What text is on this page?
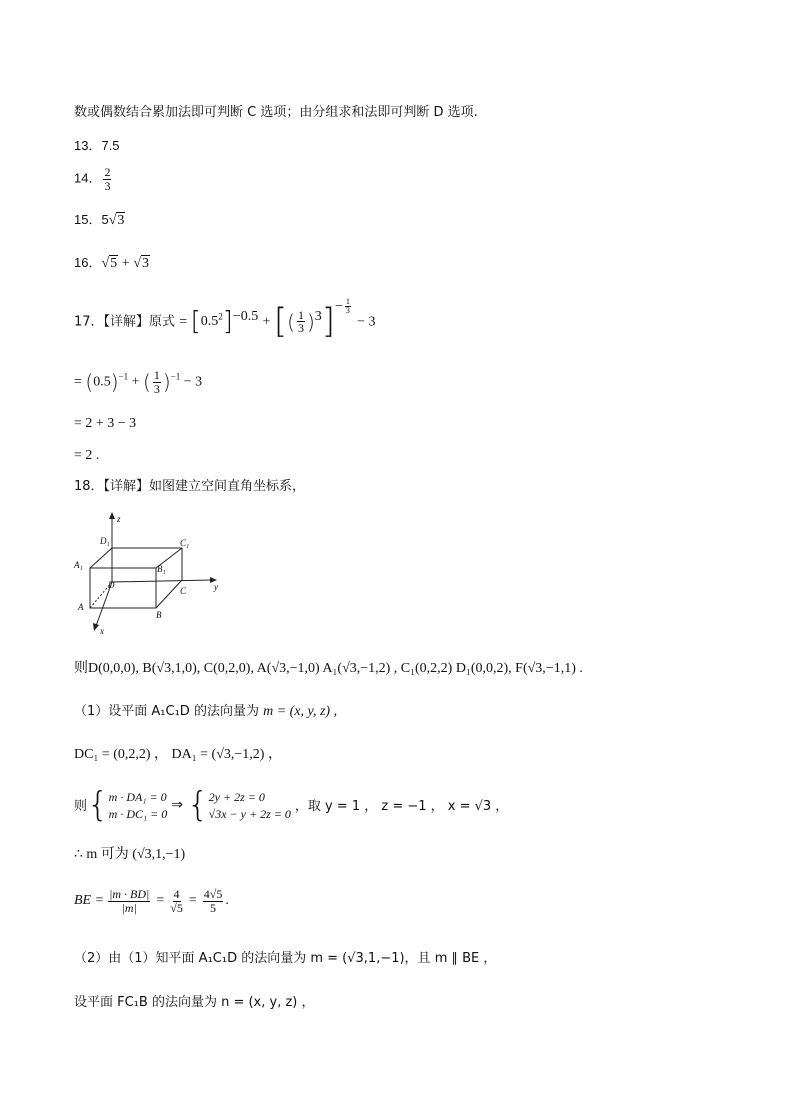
数或偶数结合累加法即可判断 C 选项；由分组求和法即可判断 D 选项.
13．7.5
14． $\frac{2}{3}$
15．5√3
16．√5 + √3
17．【详解】原式 = $[0.5^2]^{-0.5}$ + [( $\frac{1}{3} )^3]^{- \frac{1}{3}}$
− 3
= $(0.5)^{-1}$ + ( $\frac{1}{3} )^{-1} - 3$
= 2 + 3 − 3
= 2 .
18．【详解】如图建立空间直角坐标系，
z
D₁	C₁
A₁	B₁
D	y
C
A
B
x
则D(0,0,0), B(√3,1,0), C(0,2,0), A(√3,−1,0) A₁(√3,−1,2) , C₁(0,2,2) D₁(0,0,2), F(√3,−1,1) .
（1）设平面 A₁C₁D 的法向量为 m = (x, y, z) ,
DC₁ = (0,2,2) ， DA₁ = (√3,−1,2) ，
则 { m · DA₁ = 0
m · DC₁ = 0
⇒ { 2y + 2z = 0
√3x − y + 2z = 0
，取 y = 1 ， z = −1 ， x = √3 ，
∴ m 可为 (√3,1,−1)
BE = $\frac{|m \cdot BD|}{|m|} = \frac{4}{√5} = \frac{4√5}{5}$ .
（2）由（1）知平面 A₁C₁D 的法向量为 m = (√3,1,−1)，且 m ∥ BE ，
设平面 FC₁B 的法向量为 n = (x, y, z) ，
